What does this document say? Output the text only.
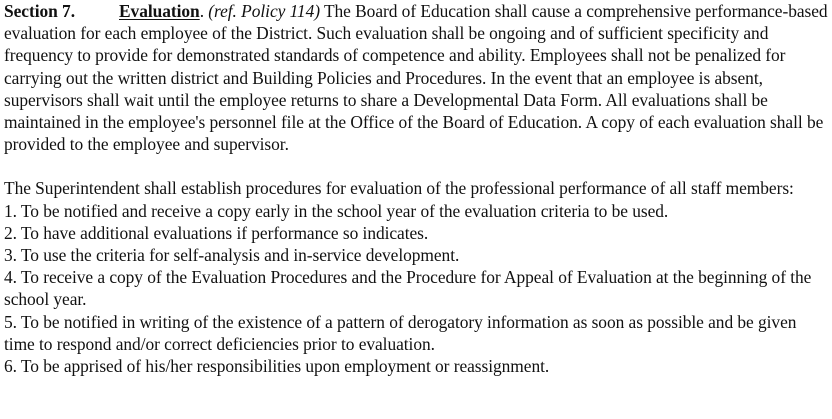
Section 7.	Evaluation. (ref. Policy 114) The Board of Education shall cause a comprehensive performance-based evaluation for each employee of the District. Such evaluation shall be ongoing and of sufficient specificity and frequency to provide for demonstrated standards of competence and ability. Employees shall not be penalized for carrying out the written district and Building Policies and Procedures. In the event that an employee is absent, supervisors shall wait until the employee returns to share a Developmental Data Form. All evaluations shall be maintained in the employee's personnel file at the Office of the Board of Education. A copy of each evaluation shall be provided to the employee and supervisor.

The Superintendent shall establish procedures for evaluation of the professional performance of all staff members:

1. To be notified and receive a copy early in the school year of the evaluation criteria to be used.
2. To have additional evaluations if performance so indicates.
3. To use the criteria for self-analysis and in-service development.
4. To receive a copy of the Evaluation Procedures and the Procedure for Appeal of Evaluation at the beginning of the school year.
5. To be notified in writing of the existence of a pattern of derogatory information as soon as possible and be given time to respond and/or correct deficiencies prior to evaluation.
6. To be apprised of his/her responsibilities upon employment or reassignment.
